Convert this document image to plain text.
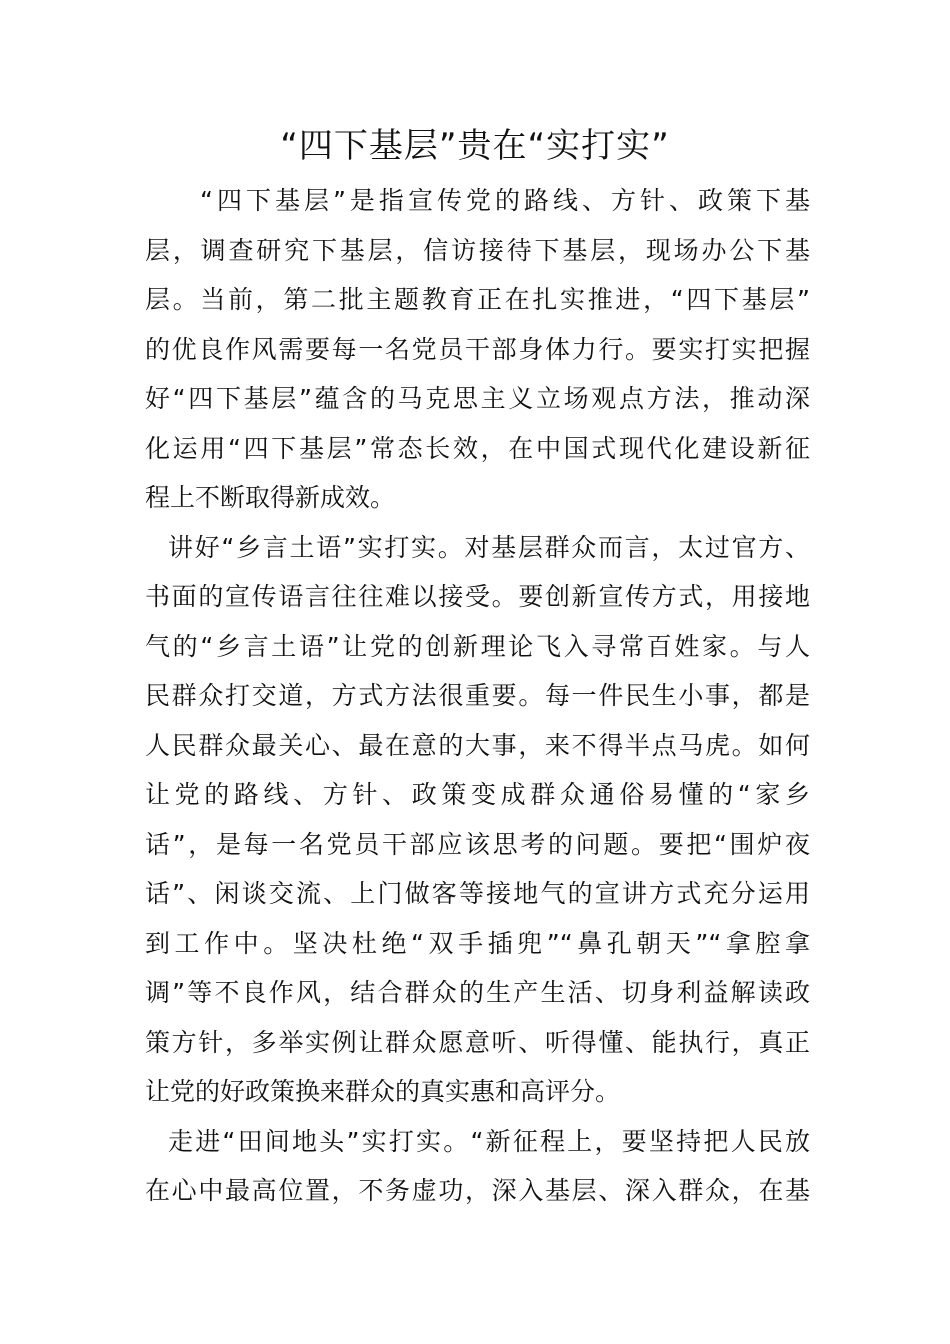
“四下基层”贵在“实打实”
“四下基层”是指宣传党的路线、方针、政策下基
层，调查研究下基层，信访接待下基层，现场办公下基
层。当前，第二批主题教育正在扎实推进，“四下基层”
的优良作风需要每一名党员干部身体力行。要实打实把握
好“四下基层”蕴含的马克思主义立场观点方法，推动深
化运用“四下基层”常态长效，在中国式现代化建设新征
程上不断取得新成效。
讲好“乡言土语”实打实。对基层群众而言，太过官方、
书面的宣传语言往往难以接受。要创新宣传方式，用接地
气的“乡言土语”让党的创新理论飞入寻常百姓家。与人
民群众打交道，方式方法很重要。每一件民生小事，都是
人民群众最关心、最在意的大事，来不得半点马虎。如何
让党的路线、方针、政策变成群众通俗易懂的“家乡
话”，是每一名党员干部应该思考的问题。要把“围炉夜
话”、闲谈交流、上门做客等接地气的宣讲方式充分运用
到工作中。坚决杜绝“双手插兜”“鼻孔朝天”“拿腔拿
调”等不良作风，结合群众的生产生活、切身利益解读政
策方针，多举实例让群众愿意听、听得懂、能执行，真正
让党的好政策换来群众的真实惠和高评分。
走进“田间地头”实打实。“新征程上，要坚持把人民放
在心中最高位置，不务虚功，深入基层、深入群众，在基
